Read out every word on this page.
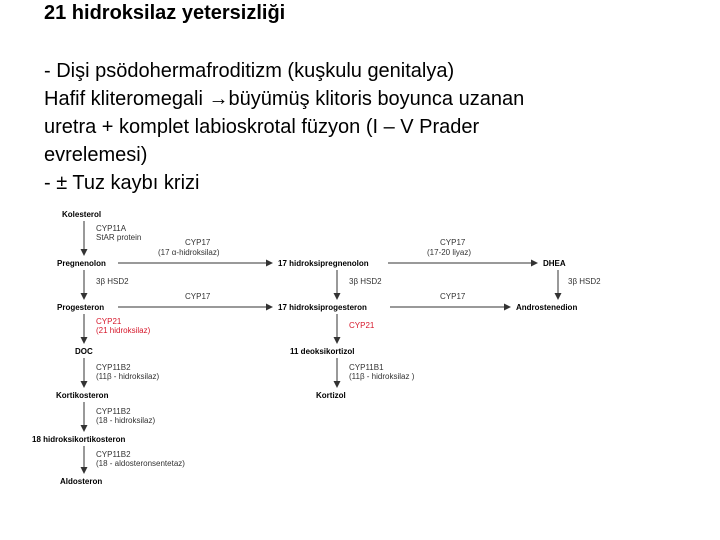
21 hidroksilaz yetersizliği
- Dişi psödohermafroditizm (kuşkulu genitalya)
Hafif kliteromegali →büyümüş klitoris boyunca uzanan
uretra + komplet labioskrotal füzyon (I – V Prader
evrelemesi)
- ± Tuz kaybı krizi
Kolesterol
Pregnenolon	17 hidroksipregnenolon	DHEA
Progesteron	17 hidroksiprogesteron	Androstenedion
DOC	11 deoksikortizol
Kortikosteron	Kortizol
18 hidroksikortikosteron
Aldosteron
CYP11A
StAR protein
CYP17
(17 α-hidroksilaz)
CYP17
(17-20 liyaz)
3β HSD2	3β HSD2	3β HSD2
CYP17	CYP17
CYP21
(21 hidroksilaz)
CYP21
CYP11B2
(11β - hidroksilaz)
CYP11B1
(11β - hidroksilaz )
CYP11B2
(18 - hidroksilaz)
CYP11B2
(18 - aldosteronsentetaz)
